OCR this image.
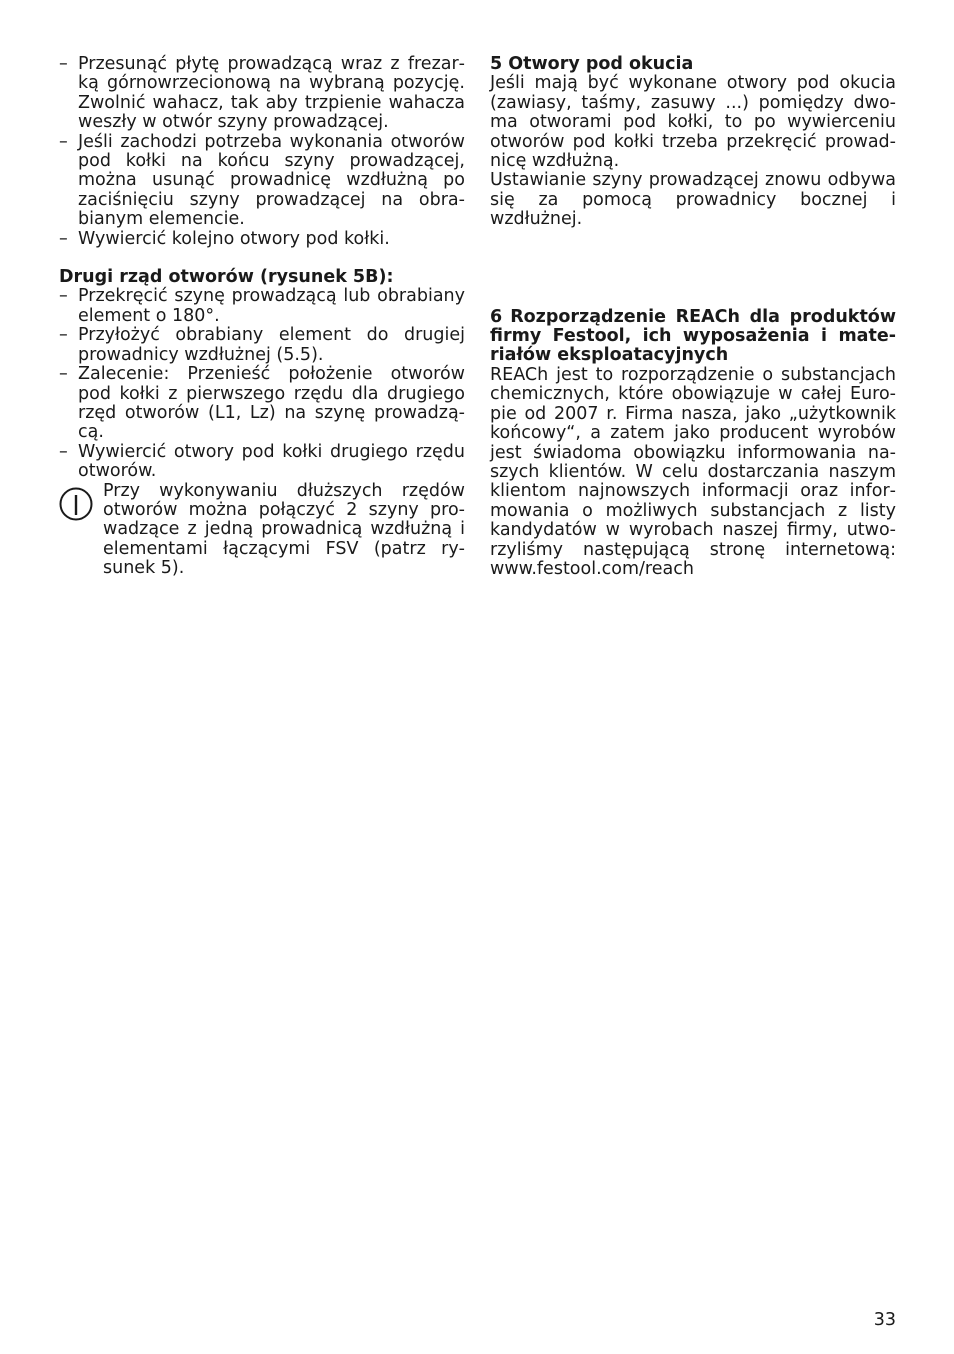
– Przesunąć płytę prowadzącą wraz z frezarką górnowrzecionową na wybraną pozycję. Zwolnić wahacz, tak aby trzpienie wahacza weszły w otwór szyny prowadzącej.
– Jeśli zachodzi potrzeba wykonania otworów pod kołki na końcu szyny prowadzącej, można usunąć prowadnicę wzdłużną po zaciśnięciu szyny prowadzącej na obrabianym elemencie.
– Wywiercić kolejno otwory pod kołki.
Drugi rząd otworów (rysunek 5B):
– Przekręcić szynę prowadzącą lub obrabiany element o 180°.
– Przyłożyć obrabiany element do drugiej prowadnicy wzdłużnej (5.5).
– Zalecenie: Przenieść położenie otworów pod kołki z pierwszego rzędu dla drugiego rzęd otworów (L1, Lz) na szynę prowadzącą.
– Wywiercić otwory pod kołki drugiego rzędu otworów.
Przy wykonywaniu dłuższych rzędów otworów można połączyć 2 szyny prowadzące z jedną prowadnicą wzdłużną i elementami łączącymi FSV (patrz rysunek 5).
5 Otwory pod okucia

Jeśli mają być wykonane otwory pod okucia (zawiasy, taśmy, zasuwy ...) pomiędzy dwoma otworami pod kołki, to po wywierceniu otworów pod kołki trzeba przekręcić prowadnicę wzdłużną.

Ustawianie szyny prowadzącej znowu odbywa się za pomocą prowadnicy bocznej i wzdłużnej.

6 Rozporządzenie REACh dla produktów firmy Festool, ich wyposażenia i materiałów eksploatacyjnych

REACh jest to rozporządzenie o substancjach chemicznych, które obowiązuje w całej Europie od 2007 r. Firma nasza, jako „użytkownik końcowy“, a zatem jako producent wyrobów jest świadoma obowiązku informowania naszych klientów. W celu dostarczania naszym klientom najnowszych informacji oraz informowania o możliwych substancjach z listy kandydatów w wyrobach naszej firmy, utworzyliśmy następującą stronę internetową: www.festool.com/reach

33
